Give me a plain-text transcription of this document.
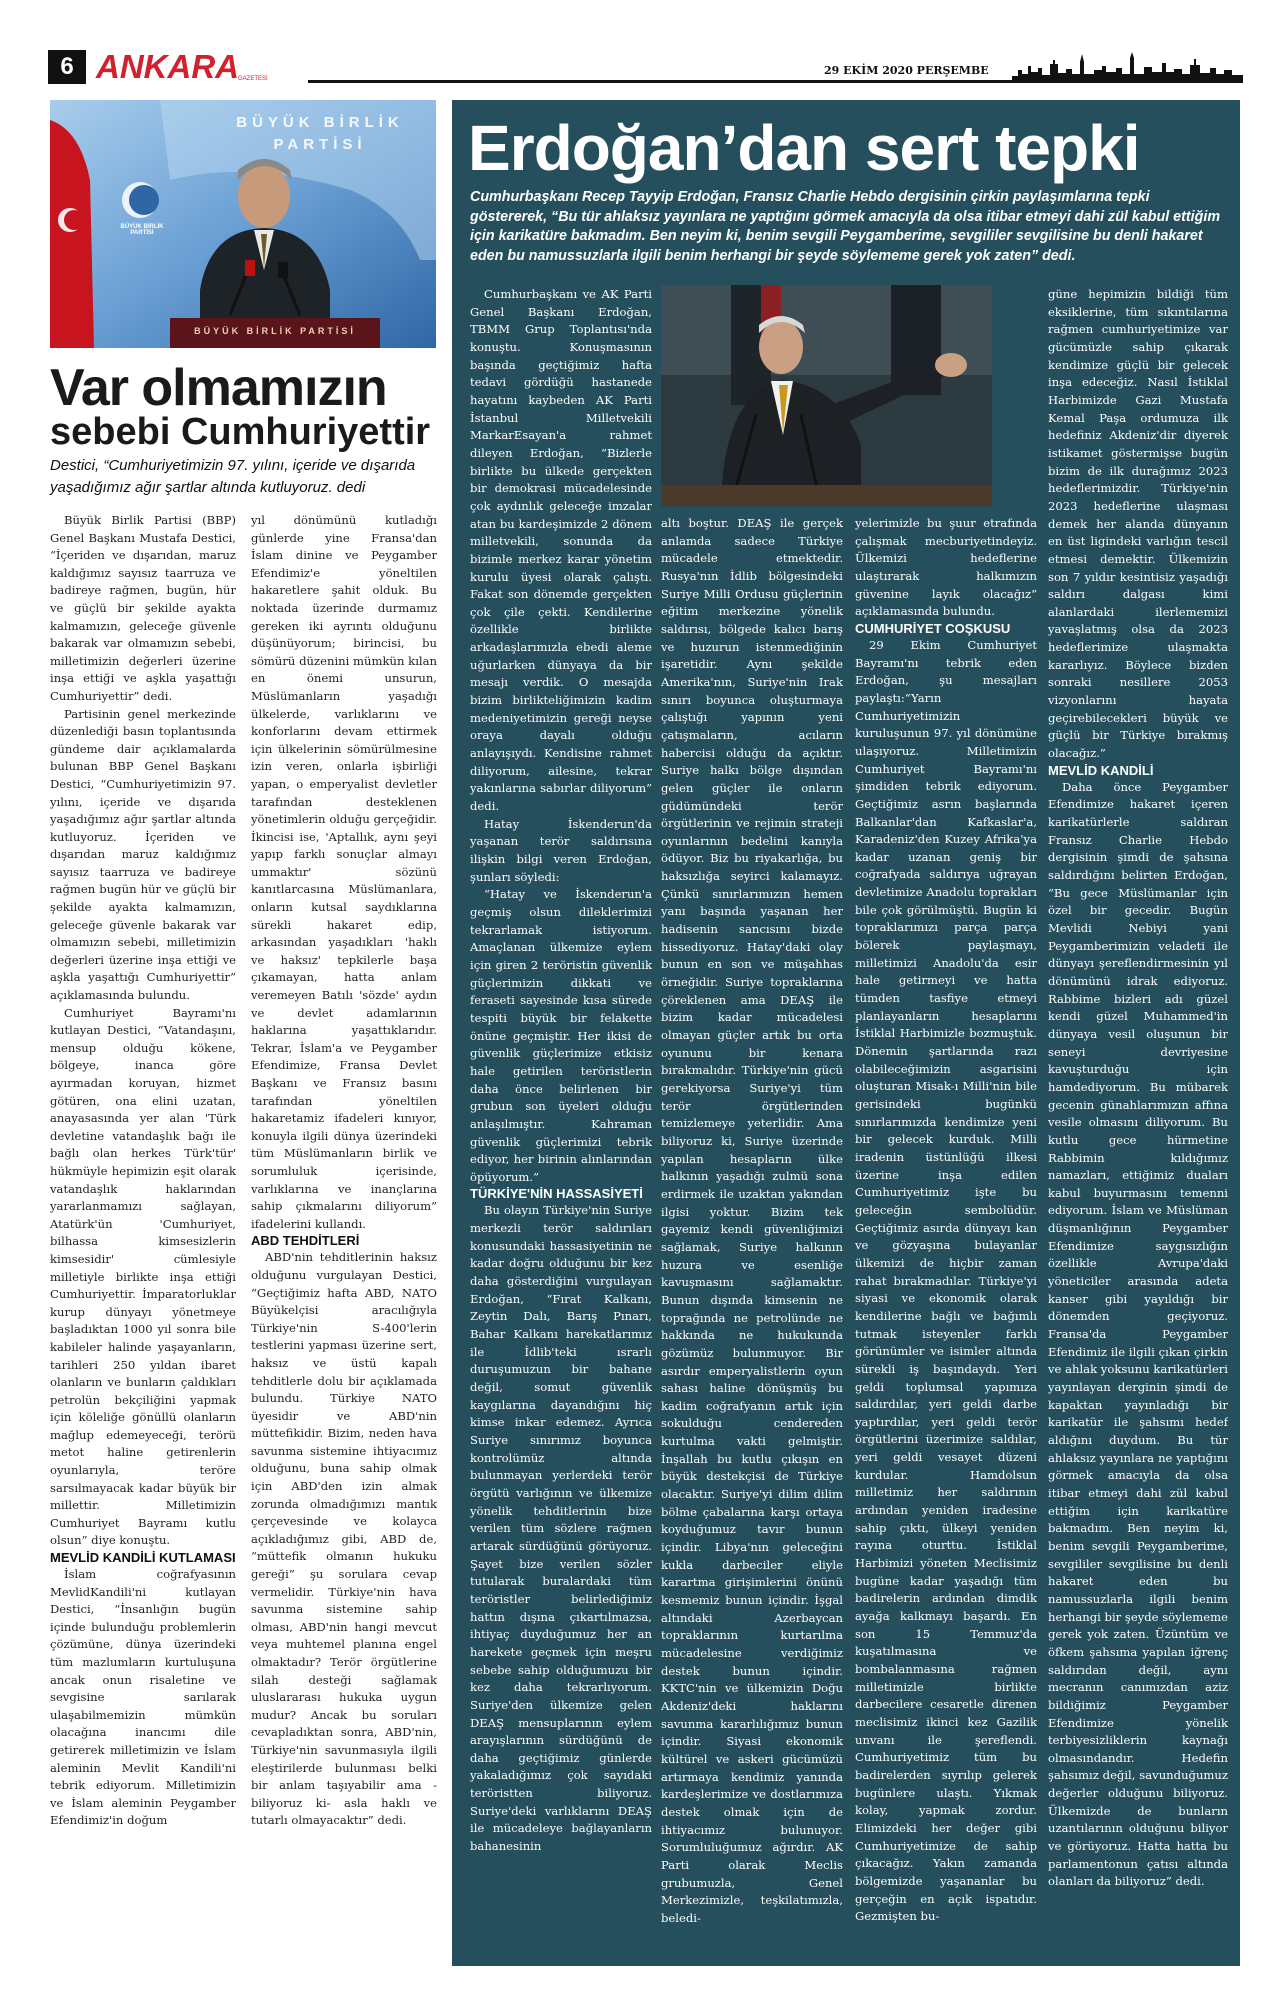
6 ANKARA GAZETESİ
29 EKİM 2020 PERŞEMBE
BÜYÜK BİRLİK PARTİSİ
BÜYÜK BİRLİK PARTİSİ
BÜYÜK BİRLİK PARTİSİ
Var olmamızın
sebebi Cumhuriyettir
Destici, “Cumhuriyetimizin 97. yılını, içeride ve dışarıda yaşadığımız ağır şartlar altında kutluyoruz. dedi

Büyük Birlik Partisi (BBP) Genel Başkanı Mustafa Destici, “İçeriden ve dışarıdan, maruz kaldığımız sayısız taarruza ve badireye rağmen, bugün, hür ve güçlü bir şekilde ayakta kalmamızın, geleceğe güvenle bakarak var olmamızın sebebi, milletimizin değerleri üzerine inşa ettiği ve aşkla yaşattığı Cumhuriyettir” dedi.

Partisinin genel merkezinde düzenlediği basın toplantısında gündeme dair açıklamalarda bulunan BBP Genel Başkanı Destici, “Cumhuriyetimizin 97. yılını, içeride ve dışarıda yaşadığımız ağır şartlar altında kutluyoruz. İçeriden ve dışarıdan maruz kaldığımız sayısız taarruza ve badireye rağmen bugün hür ve güçlü bir şekilde ayakta kalmamızın, geleceğe güvenle bakarak var olmamızın sebebi, milletimizin değerleri üzerine inşa ettiği ve aşkla yaşattığı Cumhuriyettir” açıklamasında bulundu.

Cumhuriyet Bayramı'nı kutlayan Destici, “Vatandaşını, mensup olduğu kökene, bölgeye, inanca göre ayırmadan koruyan, hizmet götüren, ona elini uzatan, anayasasında yer alan 'Türk devletine vatandaşlık bağı ile bağlı olan herkes Türk'tür' hükmüyle hepimizin eşit olarak vatandaşlık haklarından yararlanmamızı sağlayan, Atatürk'ün 'Cumhuriyet, bilhassa kimsesizlerin kimsesidir' cümlesiyle milletiyle birlikte inşa ettiği Cumhuriyettir. İmparatorluklar kurup dünyayı yönetmeye başladıktan 1000 yıl sonra bile kabileler halinde yaşayanların, tarihleri 250 yıldan ibaret olanların ve bunların çaldıkları petrolün bekçiliğini yapmak için köleliğe gönüllü olanların mağlup edemeyeceği, terörü metot haline getirenlerin oyunlarıyla, teröre sarsılmayacak kadar büyük bir millettir. Milletimizin Cumhuriyet Bayramı kutlu olsun” diye konuştu.

MEVLİD KANDİLİ KUTLAMASI

İslam coğrafyasının MevlidKandili'ni kutlayan Destici, “İnsanlığın bugün içinde bulunduğu problemlerin çözümüne, dünya üzerindeki tüm mazlumların kurtuluşuna ancak onun risaletine ve sevgisine sarılarak ulaşabilmemizin mümkün olacağına inancımı dile getirerek milletimizin ve İslam aleminin Mevlit Kandili'ni tebrik ediyorum. Milletimizin ve İslam aleminin Peygamber Efendimiz'in doğum

yıl dönümünü kutladığı günlerde yine Fransa'dan İslam dinine ve Peygamber Efendimiz'e yöneltilen hakaretlere şahit olduk. Bu noktada üzerinde durmamız gereken iki ayrıntı olduğunu düşünüyorum; birincisi, bu sömürü düzenini mümkün kılan en önemi unsurun, Müslümanların yaşadığı ülkelerde, varlıklarını ve konforlarını devam ettirmek için ülkelerinin sömürülmesine izin veren, onlarla işbirliği yapan, o emperyalist devletler tarafından desteklenen yönetimlerin olduğu gerçeğidir. İkincisi ise, 'Aptallık, aynı şeyi yapıp farklı sonuçlar almayı ummaktır' sözünü kanıtlarcasına Müslümanlara, onların kutsal saydıklarına sürekli hakaret edip, arkasından yaşadıkları 'haklı ve haksız' tepkilerle başa çıkamayan, hatta anlam veremeyen Batılı 'sözde' aydın ve devlet adamlarının haklarına yaşattıklarıdır. Tekrar, İslam'a ve Peygamber Efendimize, Fransa Devlet Başkanı ve Fransız basını tarafından yöneltilen hakaretamiz ifadeleri kınıyor, konuyla ilgili dünya üzerindeki tüm Müslümanların birlik ve sorumluluk içerisinde, varlıklarına ve inançlarına sahip çıkmalarını diliyorum” ifadelerini kullandı.

ABD TEHDİTLERİ

ABD'nin tehditlerinin haksız olduğunu vurgulayan Destici, “Geçtiğimiz hafta ABD, NATO Büyükelçisi aracılığıyla Türkiye'nin S-400'lerin testlerini yapması üzerine sert, haksız ve üstü kapalı tehditlerle dolu bir açıklamada bulundu. Türkiye NATO üyesidir ve ABD'nin müttefikidir. Bizim, neden hava savunma sistemine ihtiyacımız olduğunu, buna sahip olmak için ABD'den izin almak zorunda olmadığımızı mantık çerçevesinde ve kolayca açıkladığımız gibi, ABD de, “müttefik olmanın hukuku gereği” şu sorulara cevap vermelidir. Türkiye'nin hava savunma sistemine sahip olması, ABD'nin hangi mevcut veya muhtemel planına engel olmaktadır? Terör örgütlerine silah desteği sağlamak uluslararası hukuka uygun mudur? Ancak bu soruları cevapladıktan sonra, ABD'nin, Türkiye'nin savunmasıyla ilgili eleştirilerde bulunması belki bir anlam taşıyabilir ama -biliyoruz ki- asla haklı ve tutarlı olmayacaktır” dedi.

Erdoğan’dan sert tepki
Cumhurbaşkanı Recep Tayyip Erdoğan, Fransız Charlie Hebdo dergisinin çirkin paylaşımlarına tepki göstererek, “Bu tür ahlaksız yayınlara ne yaptığını görmek amacıyla da olsa itibar etmeyi dahi zül kabul ettiğim için karikatüre bakmadım. Ben neyim ki, benim sevgili Peygamberime, sevgililer sevgilisine bu denli hakaret eden bu namussuzlarla ilgili benim herhangi bir şeyde söylememe gerek yok zaten” dedi.

Cumhurbaşkanı ve AK Parti Genel Başkanı Erdoğan, TBMM Grup Toplantısı'nda konuştu. Konuşmasının başında geçtiğimiz hafta tedavi gördüğü hastanede hayatını kaybeden AK Parti İstanbul Milletvekili MarkarEsayan'a rahmet dileyen Erdoğan, “Bizlerle birlikte bu ülkede gerçekten bir demokrasi mücadelesinde çok aydınlık geleceğe imzalar atan bu kardeşimizde 2 dönem milletvekili, sonunda da bizimle merkez karar yönetim kurulu üyesi olarak çalıştı. Fakat son dönemde gerçekten çok çile çekti. Kendilerine özellikle birlikte arkadaşlarımızla ebedi aleme uğurlarken dünyaya da bir mesajı verdik. O mesajda bizim birlikteliğimizin kadim medeniyetimizin gereği neyse oraya dayalı olduğu anlayışıydı. Kendisine rahmet diliyorum, ailesine, tekrar yakınlarına sabırlar diliyorum” dedi.

Hatay İskenderun'da yaşanan terör saldırısına ilişkin bilgi veren Erdoğan, şunları söyledi:

“Hatay ve İskenderun'a geçmiş olsun dileklerimizi tekrarlamak istiyorum. Amaçlanan ülkemize eylem için giren 2 teröristin güvenlik güçlerimizin dikkati ve feraseti sayesinde kısa sürede tespiti büyük bir felakette önüne geçmiştir. Her ikisi de güvenlik güçlerimize etkisiz hale getirilen teröristlerin daha önce belirlenen bir grubun son üyeleri olduğu anlaşılmıştır. Kahraman güvenlik güçlerimizi tebrik ediyor, her birinin alınlarından öpüyorum.”

TÜRKİYE'NİN HASSASİYETİ

Bu olayın Türkiye'nin Suriye merkezli terör saldırıları konusundaki hassasiyetinin ne kadar doğru olduğunu bir kez daha gösterdiğini vurgulayan Erdoğan, “Fırat Kalkanı, Zeytin Dalı, Barış Pınarı, Bahar Kalkanı harekatlarımız ile İdlib'teki ısrarlı duruşumuzun bir bahane değil, somut güvenlik kaygılarına dayandığını hiç kimse inkar edemez. Ayrıca Suriye sınırımız boyunca kontrolümüz altında bulunmayan yerlerdeki terör örgütü varlığının ve ülkemize yönelik tehditlerinin bize verilen tüm sözlere rağmen artarak sürdüğünü görüyoruz. Şayet bize verilen sözler tutularak buralardaki tüm teröristler belirlediğimiz hattın dışına çıkartılmazsa, ihtiyaç duyduğumuz her an harekete geçmek için meşru sebebe sahip olduğumuzu bir kez daha tekrarlıyorum. Suriye'den ülkemize gelen DEAŞ mensuplarının eylem arayışlarının sürdüğünü de daha geçtiğimiz günlerde yakaladığımız çok sayıdaki teröristten biliyoruz. Suriye'deki varlıklarını DEAŞ ile mücadeleye bağlayanların bahanesinin

altı boştur. DEAŞ ile gerçek anlamda sadece Türkiye mücadele etmektedir. Rusya'nın İdlib bölgesindeki Suriye Milli Ordusu güçlerinin eğitim merkezine yönelik saldırısı, bölgede kalıcı barış ve huzurun istenmediğinin işaretidir. Aynı şekilde Amerika'nın, Suriye'nin Irak sınırı boyunca oluşturmaya çalıştığı yapının yeni çatışmaların, acıların habercisi olduğu da açıktır. Suriye halkı bölge dışından gelen güçler ile onların güdümündeki terör örgütlerinin ve rejimin strateji oyunlarının bedelini kanıyla ödüyor. Biz bu riyakarlığa, bu haksızlığa seyirci kalamayız. Çünkü sınırlarımızın hemen yanı başında yaşanan her hadisenin sancısını bizde hissediyoruz. Hatay'daki olay bunun en son ve müşahhas örneğidir. Suriye topraklarına çöreklenen ama DEAŞ ile bizim kadar mücadelesi olmayan güçler artık bu orta oyununu bir kenara bırakmalıdır. Türkiye'nin gücü gerekiyorsa Suriye'yi tüm terör örgütlerinden temizlemeye yeterlidir. Ama biliyoruz ki, Suriye üzerinde yapılan hesapların ülke halkının yaşadığı zulmü sona erdirmek ile uzaktan yakından ilgisi yoktur. Bizim tek gayemiz kendi güvenliğimizi sağlamak, Suriye halkının huzura ve esenliğe kavuşmasını sağlamaktır. Bunun dışında kimsenin ne toprağında ne petrolünde ne hakkında ne hukukunda gözümüz bulunmuyor. Bir asırdır emperyalistlerin oyun sahası haline dönüşmüş bu kadim coğrafyanın artık için sokulduğu cendereden kurtulma vakti gelmiştir. İnşallah bu kutlu çıkışın en büyük destekçisi de Türkiye olacaktır. Suriye'yi dilim dilim bölme çabalarına karşı ortaya koyduğumuz tavır bunun içindir. Libya'nın geleceğini kukla darbeciler eliyle karartma girişimlerini önünü kesmemiz bunun içindir. İşgal altındaki Azerbaycan topraklarının kurtarılma mücadelesine verdiğimiz destek bunun içindir. KKTC'nin ve ülkemizin Doğu Akdeniz'deki haklarını savunma kararlılığımız bunun içindir. Siyasi ekonomik kültürel ve askeri gücümüzü artırmaya kendimiz yanında kardeşlerimize ve dostlarımıza destek olmak için de ihtiyacımız bulunuyor. Sorumluluğumuz ağırdır. AK Parti olarak Meclis grubumuzla, Genel Merkezimizle, teşkilatımızla, beledi-

yelerimizle bu şuur etrafında çalışmak mecburiyetindeyiz. Ülkemizi hedeflerine ulaştırarak halkımızın güvenine layık olacağız” açıklamasında bulundu.

CUMHURİYET COŞKUSU

29 Ekim Cumhuriyet Bayramı'nı tebrik eden Erdoğan, şu mesajları paylaştı:“Yarın Cumhuriyetimizin kuruluşunun 97. yıl dönümüne ulaşıyoruz. Milletimizin Cumhuriyet Bayramı'nı şimdiden tebrik ediyorum. Geçtiğimiz asrın başlarında Balkanlar'dan Kafkaslar'a, Karadeniz'den Kuzey Afrika'ya kadar uzanan geniş bir coğrafyada saldırıya uğrayan devletimize Anadolu toprakları bile çok görülmüştü. Bugün ki topraklarımızı parça parça bölerek paylaşmayı, milletimizi Anadolu'da esir hale getirmeyi ve hatta tümden tasfiye etmeyi planlayanların hesaplarını İstiklal Harbimizle bozmuştuk. Dönemin şartlarında razı olabileceğimizin asgarisini oluşturan Misak-ı Milli'nin bile gerisindeki bugünkü sınırlarımızda kendimize yeni bir gelecek kurduk. Milli iradenin üstünlüğü ilkesi üzerine inşa edilen Cumhuriyetimiz işte bu geleceğin sembolüdür. Geçtiğimiz asırda dünyayı kan ve gözyaşına bulayanlar ülkemizi de hiçbir zaman rahat bırakmadılar. Türkiye'yi siyasi ve ekonomik olarak kendilerine bağlı ve bağımlı tutmak isteyenler farklı görünümler ve isimler altında sürekli iş başındaydı. Yeri geldi toplumsal yapımıza saldırdılar, yeri geldi darbe yaptırdılar, yeri geldi terör örgütlerini üzerimize saldılar, yeri geldi vesayet düzeni kurdular. Hamdolsun milletimiz her saldırının ardından yeniden iradesine sahip çıktı, ülkeyi yeniden rayına oturttu. İstiklal Harbimizi yöneten Meclisimiz bugüne kadar yaşadığı tüm badirelerin ardından dimdik ayağa kalkmayı başardı. En son 15 Temmuz'da kuşatılmasına ve bombalanmasına rağmen milletimizle birlikte darbecilere cesaretle direnen meclisimiz ikinci kez Gazilik unvanı ile şereflendi. Cumhuriyetimiz tüm bu badirelerden sıyrılıp gelerek bugünlere ulaştı. Yıkmak kolay, yapmak zordur. Elimizdeki her değer gibi Cumhuriyetimize de sahip çıkacağız. Yakın zamanda bölgemizde yaşananlar bu gerçeğin en açık ispatıdır. Gezmişten bu-

güne hepimizin bildiği tüm eksiklerine, tüm sıkıntılarına rağmen cumhuriyetimize var gücümüzle sahip çıkarak kendimize güçlü bir gelecek inşa edeceğiz. Nasıl İstiklal Harbimizde Gazi Mustafa Kemal Paşa ordumuza ilk hedefiniz Akdeniz'dir diyerek istikamet göstermişse bugün bizim de ilk durağımız 2023 hedeflerimizdir. Türkiye'nin 2023 hedeflerine ulaşması demek her alanda dünyanın en üst ligindeki varlığın tescil etmesi demektir. Ülkemizin son 7 yıldır kesintisiz yaşadığı saldırı dalgası kimi alanlardaki ilerlememizi yavaşlatmış olsa da 2023 hedeflerimize ulaşmakta kararlıyız. Böylece bizden sonraki nesillere 2053 vizyonlarını hayata geçirebilecekleri büyük ve güçlü bir Türkiye bırakmış olacağız.”

MEVLİD KANDİLİ

Daha önce Peygamber Efendimize hakaret içeren karikatürlerle saldıran Fransız Charlie Hebdo dergisinin şimdi de şahsına saldırdığını belirten Erdoğan, “Bu gece Müslümanlar için özel bir gecedir. Bugün Mevlidi Nebiyi yani Peygamberimizin veladeti ile dünyayı şereflendirmesinin yıl dönümünü idrak ediyoruz. Rabbime bizleri adı güzel kendi güzel Muhammed'in dünyaya vesil oluşunun bir seneyi devriyesine kavuşturduğu için hamdediyorum. Bu mübarek gecenin günahlarımızın affına vesile olmasını diliyorum. Bu kutlu gece hürmetine Rabbimin kıldığımız namazları, ettiğimiz duaları kabul buyurmasını temenni ediyorum. İslam ve Müslüman düşmanlığının Peygamber Efendimize saygısızlığın özellikle Avrupa'daki yöneticiler arasında adeta kanser gibi yayıldığı bir dönemden geçiyoruz. Fransa'da Peygamber Efendimiz ile ilgili çıkan çirkin ve ahlak yoksunu karikatürleri yayınlayan derginin şimdi de kapaktan yayınladığı bir karikatür ile şahsımı hedef aldığını duydum. Bu tür ahlaksız yayınlara ne yaptığını görmek amacıyla da olsa itibar etmeyi dahi zül kabul ettiğim için karikatüre bakmadım. Ben neyim ki, benim sevgili Peygamberime, sevgililer sevgilisine bu denli hakaret eden bu namussuzlarla ilgili benim herhangi bir şeyde söylememe gerek yok zaten. Üzüntüm ve öfkem şahsıma yapılan iğrenç saldırıdan değil, aynı mecranın canımızdan aziz bildiğimiz Peygamber Efendimize yönelik terbiyesizliklerin kaynağı olmasındandır. Hedefin şahsımız değil, savunduğumuz değerler olduğunu biliyoruz. Ülkemizde de bunların uzantılarının olduğunu biliyor ve görüyoruz. Hatta hatta bu parlamentonun çatısı altında olanları da biliyoruz” dedi.
